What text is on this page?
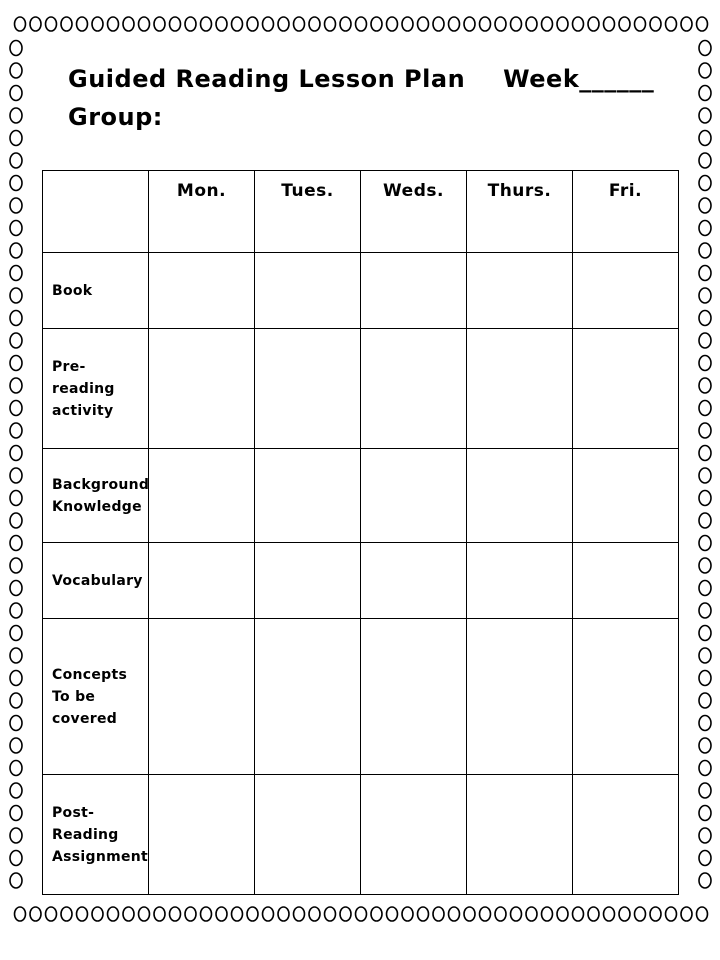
Guided Reading Lesson Plan Week______
Group:
	Mon.	Tues.	Weds.	Thurs.	Fri.

Book					

Pre-
reading
activity					

Background
Knowledge					

Vocabulary					

Concepts
To be
covered					

Post-
Reading
Assignment					
